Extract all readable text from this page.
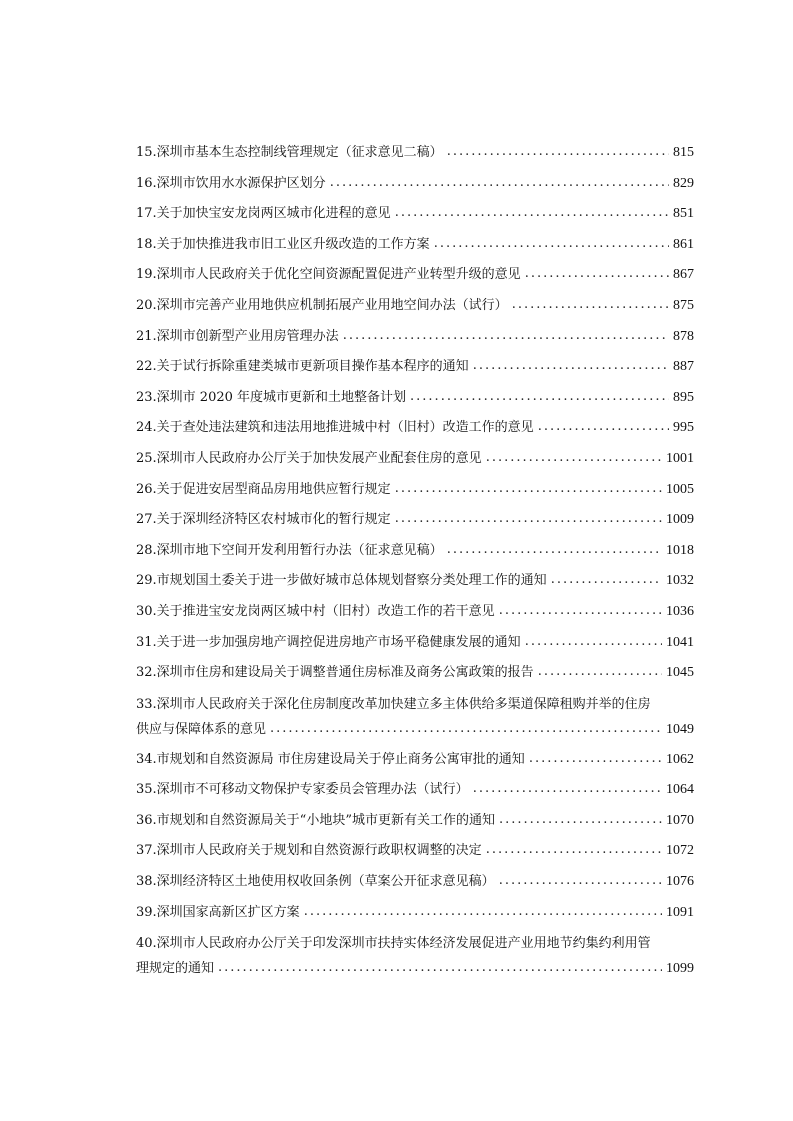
15.深圳市基本生态控制线管理规定（征求意见二稿） .....	815
16.深圳市饮用水水源保护区划分 .....	829
17.关于加快宝安龙岗两区城市化进程的意见 .....	851
18.关于加快推进我市旧工业区升级改造的工作方案 .....	861
19.深圳市人民政府关于优化空间资源配置促进产业转型升级的意见 .....	867
20.深圳市完善产业用地供应机制拓展产业用地空间办法（试行） .....	875
21.深圳市创新型产业用房管理办法 .....	878
22.关于试行拆除重建类城市更新项目操作基本程序的通知 .....	887
23.深圳市 2020 年度城市更新和土地整备计划 .....	895
24.关于查处违法建筑和违法用地推进城中村（旧村）改造工作的意见 .....	995
25.深圳市人民政府办公厅关于加快发展产业配套住房的意见 .....	1001
26.关于促进安居型商品房用地供应暂行规定 .....	1005
27.关于深圳经济特区农村城市化的暂行规定 .....	1009
28.深圳市地下空间开发利用暂行办法（征求意见稿） .....	1018
29.市规划国土委关于进一步做好城市总体规划督察分类处理工作的通知 .....	1032
30.关于推进宝安龙岗两区城中村（旧村）改造工作的若干意见 .....	1036
31.关于进一步加强房地产调控促进房地产市场平稳健康发展的通知 .....	1041
32.深圳市住房和建设局关于调整普通住房标准及商务公寓政策的报告 .....	1045
33.深圳市人民政府关于深化住房制度改革加快建立多主体供给多渠道保障租购并举的住房
供应与保障体系的意见 .....	1049
34.市规划和自然资源局 市住房建设局关于停止商务公寓审批的通知 .....	1062
35.深圳市不可移动文物保护专家委员会管理办法（试行） .....	1064
36.市规划和自然资源局关于“小地块”城市更新有关工作的通知 .....	1070
37.深圳市人民政府关于规划和自然资源行政职权调整的决定 .....	1072
38.深圳经济特区土地使用权收回条例（草案公开征求意见稿） .....	1076
39.深圳国家高新区扩区方案 .....	1091
40.深圳市人民政府办公厅关于印发深圳市扶持实体经济发展促进产业用地节约集约利用管
理规定的通知 .....	1099
